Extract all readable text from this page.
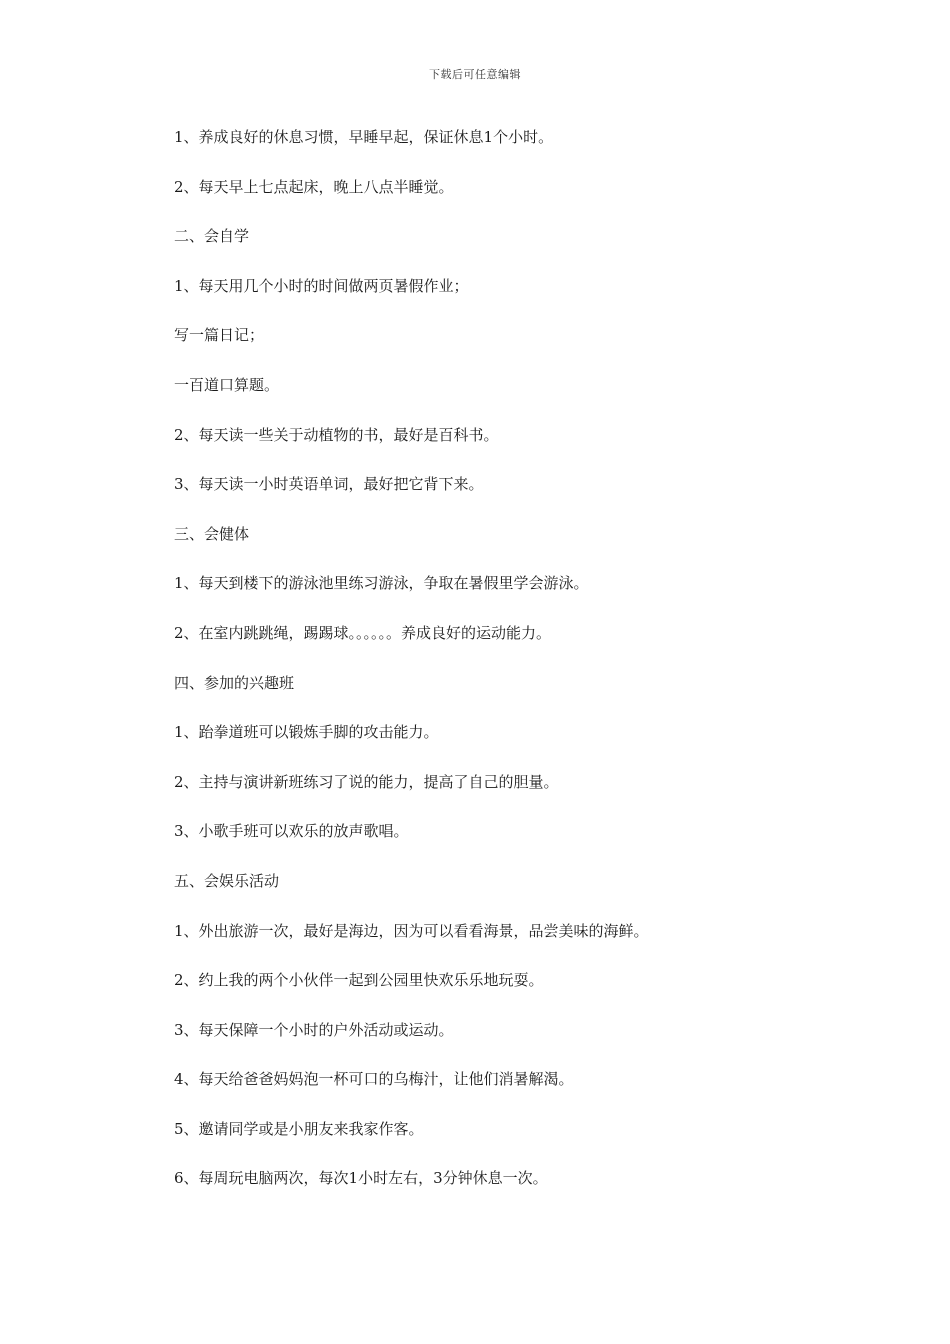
下载后可任意编辑
1、养成良好的休息习惯，早睡早起，保证休息1个小时。
2、每天早上七点起床，晚上八点半睡觉。
二、会自学
1、每天用几个小时的时间做两页暑假作业；
写一篇日记；
一百道口算题。
2、每天读一些关于动植物的书，最好是百科书。
3、每天读一小时英语单词，最好把它背下来。
三、会健体
1、每天到楼下的游泳池里练习游泳，争取在暑假里学会游泳。
2、在室内跳跳绳，踢踢球。。。。。。养成良好的运动能力。
四、参加的兴趣班
1、跆拳道班可以锻炼手脚的攻击能力。
2、主持与演讲新班练习了说的能力，提高了自己的胆量。
3、小歌手班可以欢乐的放声歌唱。
五、会娱乐活动
1、外出旅游一次，最好是海边，因为可以看看海景，品尝美味的海鲜。
2、约上我的两个小伙伴一起到公园里快欢乐乐地玩耍。
3、每天保障一个小时的户外活动或运动。
4、每天给爸爸妈妈泡一杯可口的乌梅汁，让他们消暑解渴。
5、邀请同学或是小朋友来我家作客。
6、每周玩电脑两次，每次1小时左右，3分钟休息一次。
